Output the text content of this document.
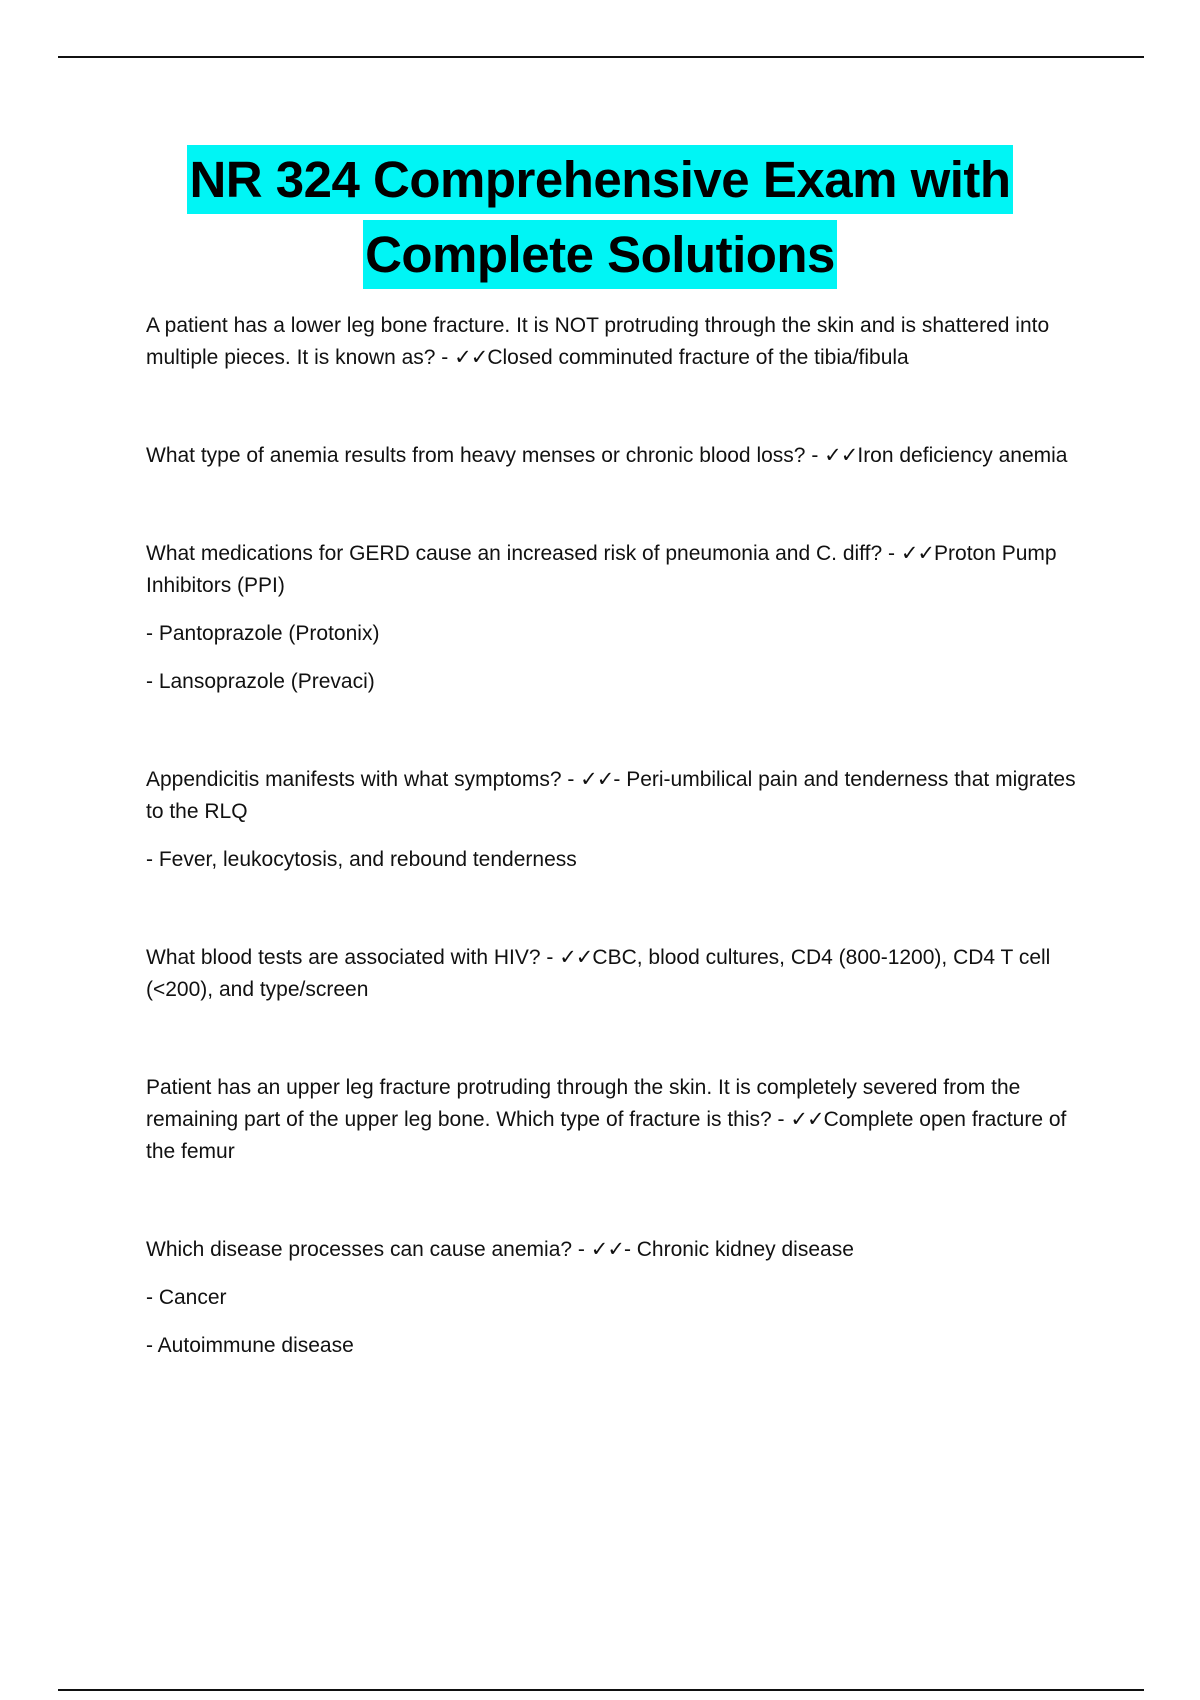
NR 324 Comprehensive Exam with
Complete Solutions

A patient has a lower leg bone fracture. It is NOT protruding through the skin and is shattered into multiple pieces. It is known as? - ✓✓Closed comminuted fracture of the tibia/fibula

What type of anemia results from heavy menses or chronic blood loss? - ✓✓Iron deficiency anemia

What medications for GERD cause an increased risk of pneumonia and C. diff? - ✓✓Proton Pump Inhibitors (PPI)

- Pantoprazole (Protonix)

- Lansoprazole (Prevaci)

Appendicitis manifests with what symptoms? - ✓✓- Peri-umbilical pain and tenderness that migrates to the RLQ

- Fever, leukocytosis, and rebound tenderness

What blood tests are associated with HIV? - ✓✓CBC, blood cultures, CD4 (800-1200), CD4 T cell (<200), and type/screen

Patient has an upper leg fracture protruding through the skin. It is completely severed from the remaining part of the upper leg bone. Which type of fracture is this? - ✓✓Complete open fracture of the femur

Which disease processes can cause anemia? - ✓✓- Chronic kidney disease

- Cancer

- Autoimmune disease
